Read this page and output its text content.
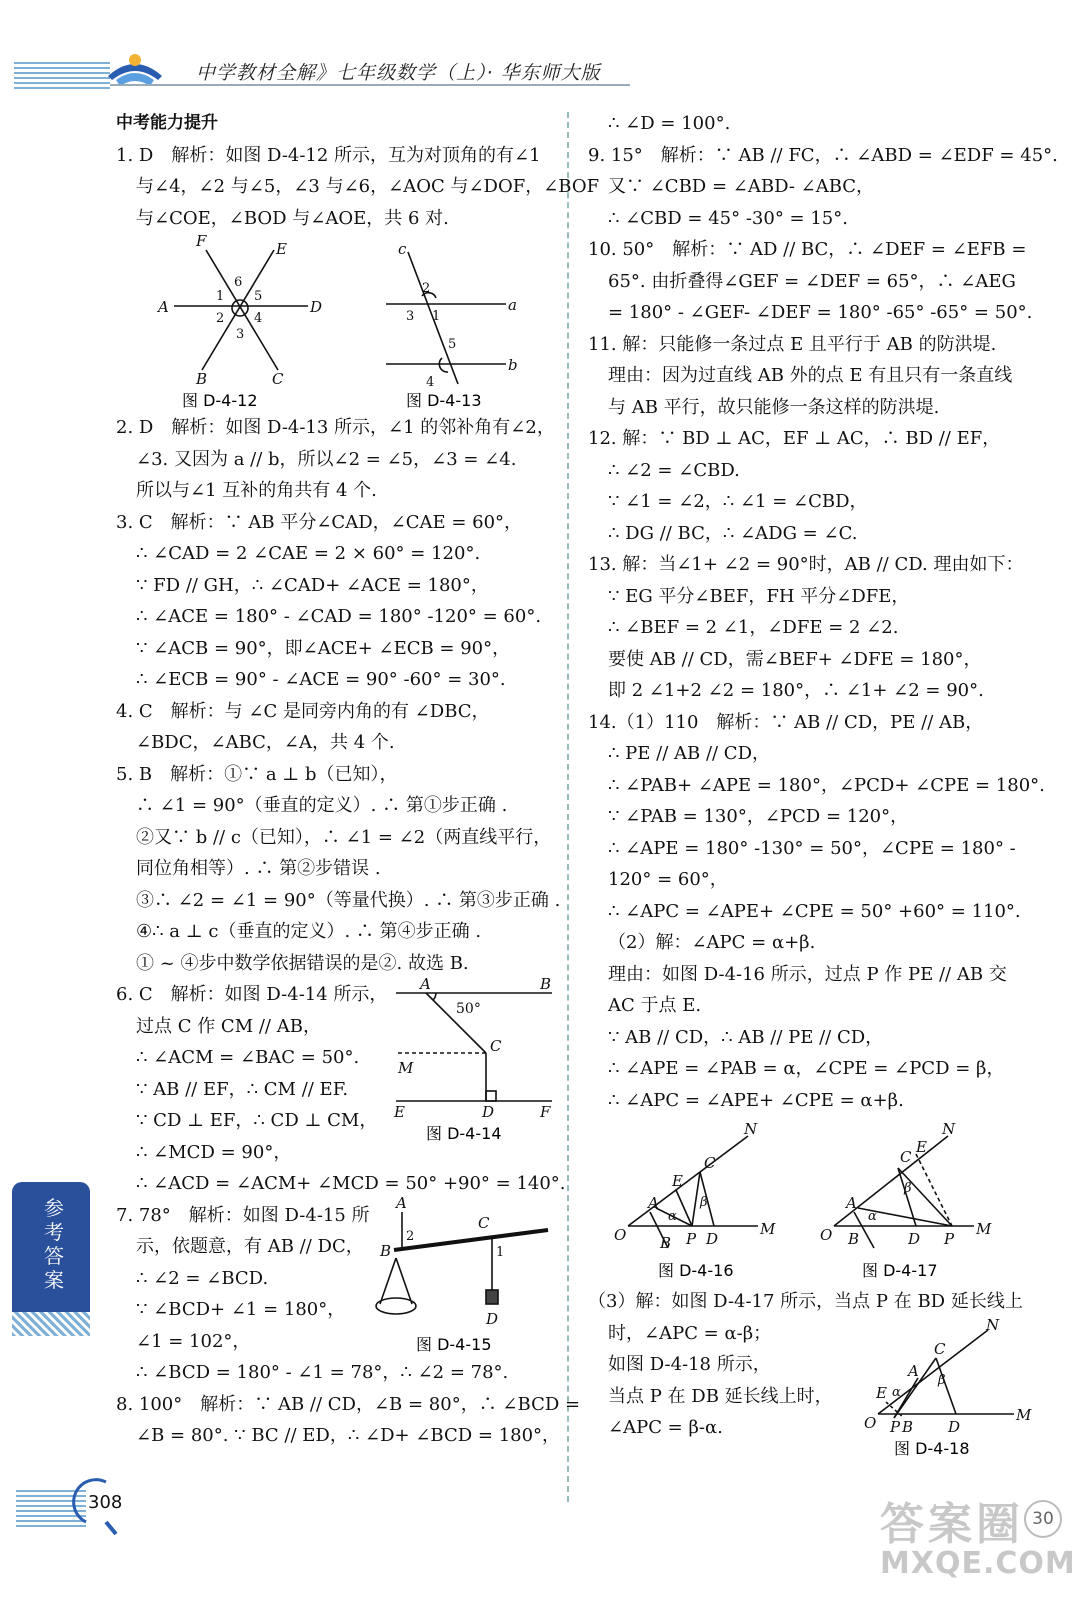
中学教材全解》七年级数学（上）· 华东师大版
中考能力提升
1. D　解析：如图 D-4-12 所示，互为对顶角的有∠1
与∠4，∠2 与∠5，∠3 与∠6，∠AOC 与∠DOF，∠BOF
与∠COE，∠BOD 与∠AOE，共 6 对.
F	E
A	D
B	C
1
2
3
4
5
6
图 D-4-12
c
a
b
1
2
3
4
5
图 D-4-13
2. D　解析：如图 D-4-13 所示，∠1 的邻补角有∠2，
∠3. 又因为 a // b，所以∠2 = ∠5，∠3 = ∠4.
所以与∠1 互补的角共有 4 个.
3. C　解析：∵ AB 平分∠CAD，∠CAE = 60°，
∴ ∠CAD = 2 ∠CAE = 2 × 60° = 120°.
∵ FD // GH，∴ ∠CAD+ ∠ACE = 180°，
∴ ∠ACE = 180° - ∠CAD = 180° -120° = 60°.
∵ ∠ACB = 90°，即∠ACE+ ∠ECB = 90°，
∴ ∠ECB = 90° - ∠ACE = 90° -60° = 30°.
4. C　解析：与 ∠C 是同旁内角的有 ∠DBC，
∠BDC，∠ABC，∠A，共 4 个.
5. B　解析：①∵ a ⊥ b（已知），
∴ ∠1 = 90°（垂直的定义）. ∴ 第①步正确 .
②又∵ b // c（已知），∴ ∠1 = ∠2（两直线平行，
同位角相等）. ∴ 第②步错误 .
③∴ ∠2 = ∠1 = 90°（等量代换）. ∴ 第③步正确 .
④∴ a ⊥ c（垂直的定义）. ∴ 第④步正确 .
① ~ ④步中数学依据错误的是②. 故选 B.
6. C　解析：如图 D-4-14 所示，
过点 C 作 CM // AB，
∴ ∠ACM = ∠BAC = 50°.
∵ AB // EF，∴ CM // EF.
∵ CD ⊥ EF，∴ CD ⊥ CM，
∴ ∠MCD = 90°，
∴ ∠ACD = ∠ACM+ ∠MCD = 50° +90° = 140°.
A	B
C
M
E	D	F
50°
图 D-4-14
7. 78°　解析：如图 D-4-15 所
示，依题意，有 AB // DC，
∴ ∠2 = ∠BCD.
∵ ∠BCD+ ∠1 = 180°，
∠1 = 102°，
∴ ∠BCD = 180° - ∠1 = 78°，∴ ∠2 = 78°.
A
B
C
D
2
1
图 D-4-15
8. 100°　解析：∵ AB // CD，∠B = 80°，∴ ∠BCD =
∠B = 80°. ∵ BC // ED，∴ ∠D+ ∠BCD = 180°，
∴ ∠D = 100°.
9. 15°　解析：∵ AB // FC，∴ ∠ABD = ∠EDF = 45°.
又∵ ∠CBD = ∠ABD- ∠ABC，
∴ ∠CBD = 45° -30° = 15°.
10. 50°　解析：∵ AD // BC，∴ ∠DEF = ∠EFB =
65°. 由折叠得∠GEF = ∠DEF = 65°，∴ ∠AEG
= 180° - ∠GEF- ∠DEF = 180° -65° -65° = 50°.
11. 解：只能修一条过点 E 且平行于 AB 的防洪堤.
理由：因为过直线 AB 外的点 E 有且只有一条直线
与 AB 平行，故只能修一条这样的防洪堤.
12. 解：∵ BD ⊥ AC，EF ⊥ AC，∴ BD // EF，
∴ ∠2 = ∠CBD.
∵ ∠1 = ∠2，∴ ∠1 = ∠CBD，
∴ DG // BC，∴ ∠ADG = ∠C.
13. 解：当∠1+ ∠2 = 90°时，AB // CD. 理由如下：
∵ EG 平分∠BEF，FH 平分∠DFE，
∴ ∠BEF = 2 ∠1，∠DFE = 2 ∠2.
要使 AB // CD，需∠BEF+ ∠DFE = 180°，
即 2 ∠1+2 ∠2 = 180°，∴ ∠1+ ∠2 = 90°.
14.（1）110　解析：∵ AB // CD，PE // AB，
∴ PE // AB // CD，
∴ ∠PAB+ ∠APE = 180°，∠PCD+ ∠CPE = 180°.
∵ ∠PAB = 130°，∠PCD = 120°，
∴ ∠APE = 180° -130° = 50°，∠CPE = 180° -
120° = 60°，
∴ ∠APC = ∠APE+ ∠CPE = 50° +60° = 110°.
（2）解：∠APC = α+β.
理由：如图 D-4-16 所示，过点 P 作 PE // AB 交
AC 于点 E.
∵ AB // CD，∴ AB // PE // CD，
∴ ∠APE = ∠PAB = α，∠CPE = ∠PCD = β，
∴ ∠APC = ∠APE+ ∠CPE = α+β.
N
E
C
A
O B P D
M
α
β
图 D-4-16
N
E
C
A
O B	D P
M
α
β
图 D-4-17
（3）解：如图 D-4-17 所示，当点 P 在 BD 延长线上
时，∠APC = α-β；
如图 D-4-18 所示，
当点 P 在 DB 延长线上时，
∠APC = β-α.
N
C
A
E
O P B D
M
β
α
图 D-4-18
参考答案
308	答案圈
MXQE.COM
30
